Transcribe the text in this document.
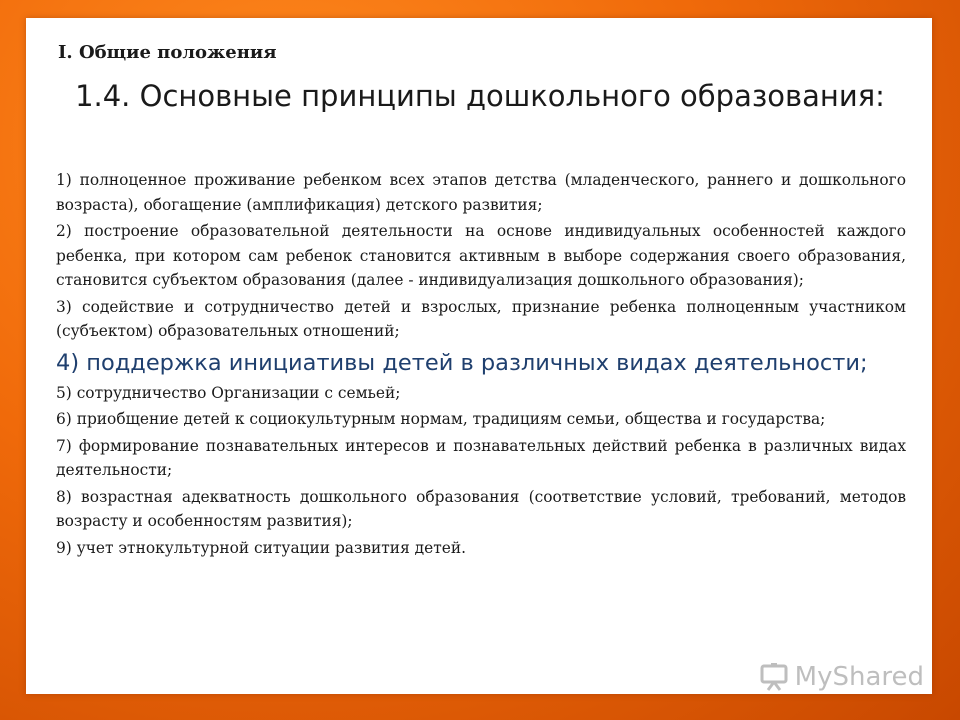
I. Общие положения
1.4. Основные принципы дошкольного образования:

1) полноценное проживание ребенком всех этапов детства (младенческого, раннего и дошкольного возраста), обогащение (амплификация) детского развития;

2) построение образовательной деятельности на основе индивидуальных особенностей каждого ребенка, при котором сам ребенок становится активным в выборе содержания своего образования, становится субъектом образования (далее - индивидуализация дошкольного образования);

3) содействие и сотрудничество детей и взрослых, признание ребенка полноценным участником (субъектом) образовательных отношений;

4) поддержка инициативы детей в различных видах деятельности;

5) сотрудничество Организации с семьей;

6) приобщение детей к социокультурным нормам, традициям семьи, общества и государства;

7) формирование познавательных интересов и познавательных действий ребенка в различных видах деятельности;

8) возрастная адекватность дошкольного образования (соответствие условий, требований, методов возрасту и особенностям развития);

9) учет этнокультурной ситуации развития детей.

MyShared
